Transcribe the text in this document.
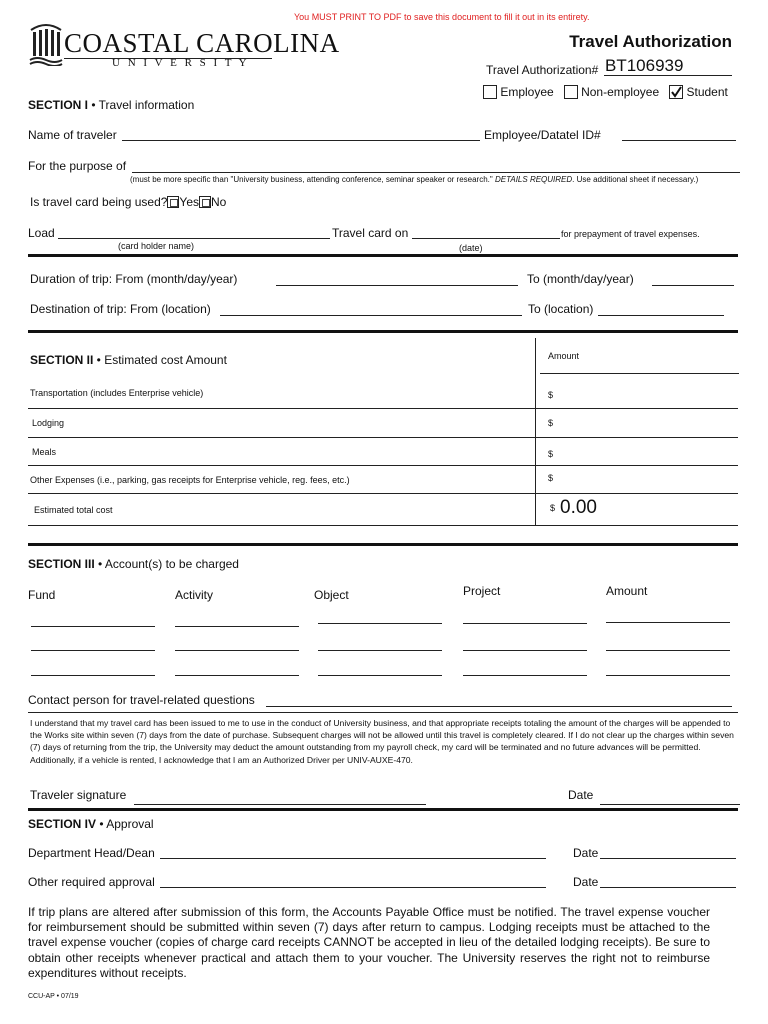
You MUST PRINT TO PDF to save this document to fill it out in its entirety.
COASTAL CAROLINA
U N I V E R S I T Y
Travel Authorization
Travel Authorization# BT106939
Employee Non-employee Student
SECTION I • Travel information
Name of traveler	Employee/Datatel ID#
For the purpose of
(must be more specific than "University business, attending conference, seminar speaker or research." DETAILS REQUIRED. Use additional sheet if necessary.)
Is travel card being used? Yes No
Load	Travel card on	for prepayment of travel expenses.
(card holder name)	(date)
Duration of trip: From (month/day/year)	To (month/day/year)
Destination of trip: From (location)	To (location)
SECTION II • Estimated cost Amount	Amount
Transportation (includes Enterprise vehicle)	$
Lodging	$
Meals	$
Other Expenses (i.e., parking, gas receipts for Enterprise vehicle, reg. fees, etc.)	$
Estimated total cost	$ 0.00
SECTION III • Account(s) to be charged
Fund	Activity	Object	Project	Amount
Contact person for travel-related questions
I understand that my travel card has been issued to me to use in the conduct of University business, and that appropriate receipts totaling the amount of the charges will be appended to the Works site within seven (7) days from the date of purchase. Subsequent charges will not be allowed until this travel is completely cleared. If I do not clear up the charges within seven (7) days of returning from the trip, the University may deduct the amount outstanding from my payroll check, my card will be terminated and no future advances will be permitted. Additionally, if a vehicle is rented, I acknowledge that I am an Authorized Driver per UNIV-AUXE-470.
Traveler signature	Date
SECTION IV • Approval
Department Head/Dean	Date
Other required approval	Date
If trip plans are altered after submission of this form, the Accounts Payable Office must be notified. The travel expense voucher for reimbursement should be submitted within seven (7) days after return to campus. Lodging receipts must be attached to the travel expense voucher (copies of charge card receipts CANNOT be accepted in lieu of the detailed lodging receipts). Be sure to obtain other receipts whenever practical and attach them to your voucher. The University reserves the right not to reimburse expenditures without receipts.
CCU-AP • 07/19
